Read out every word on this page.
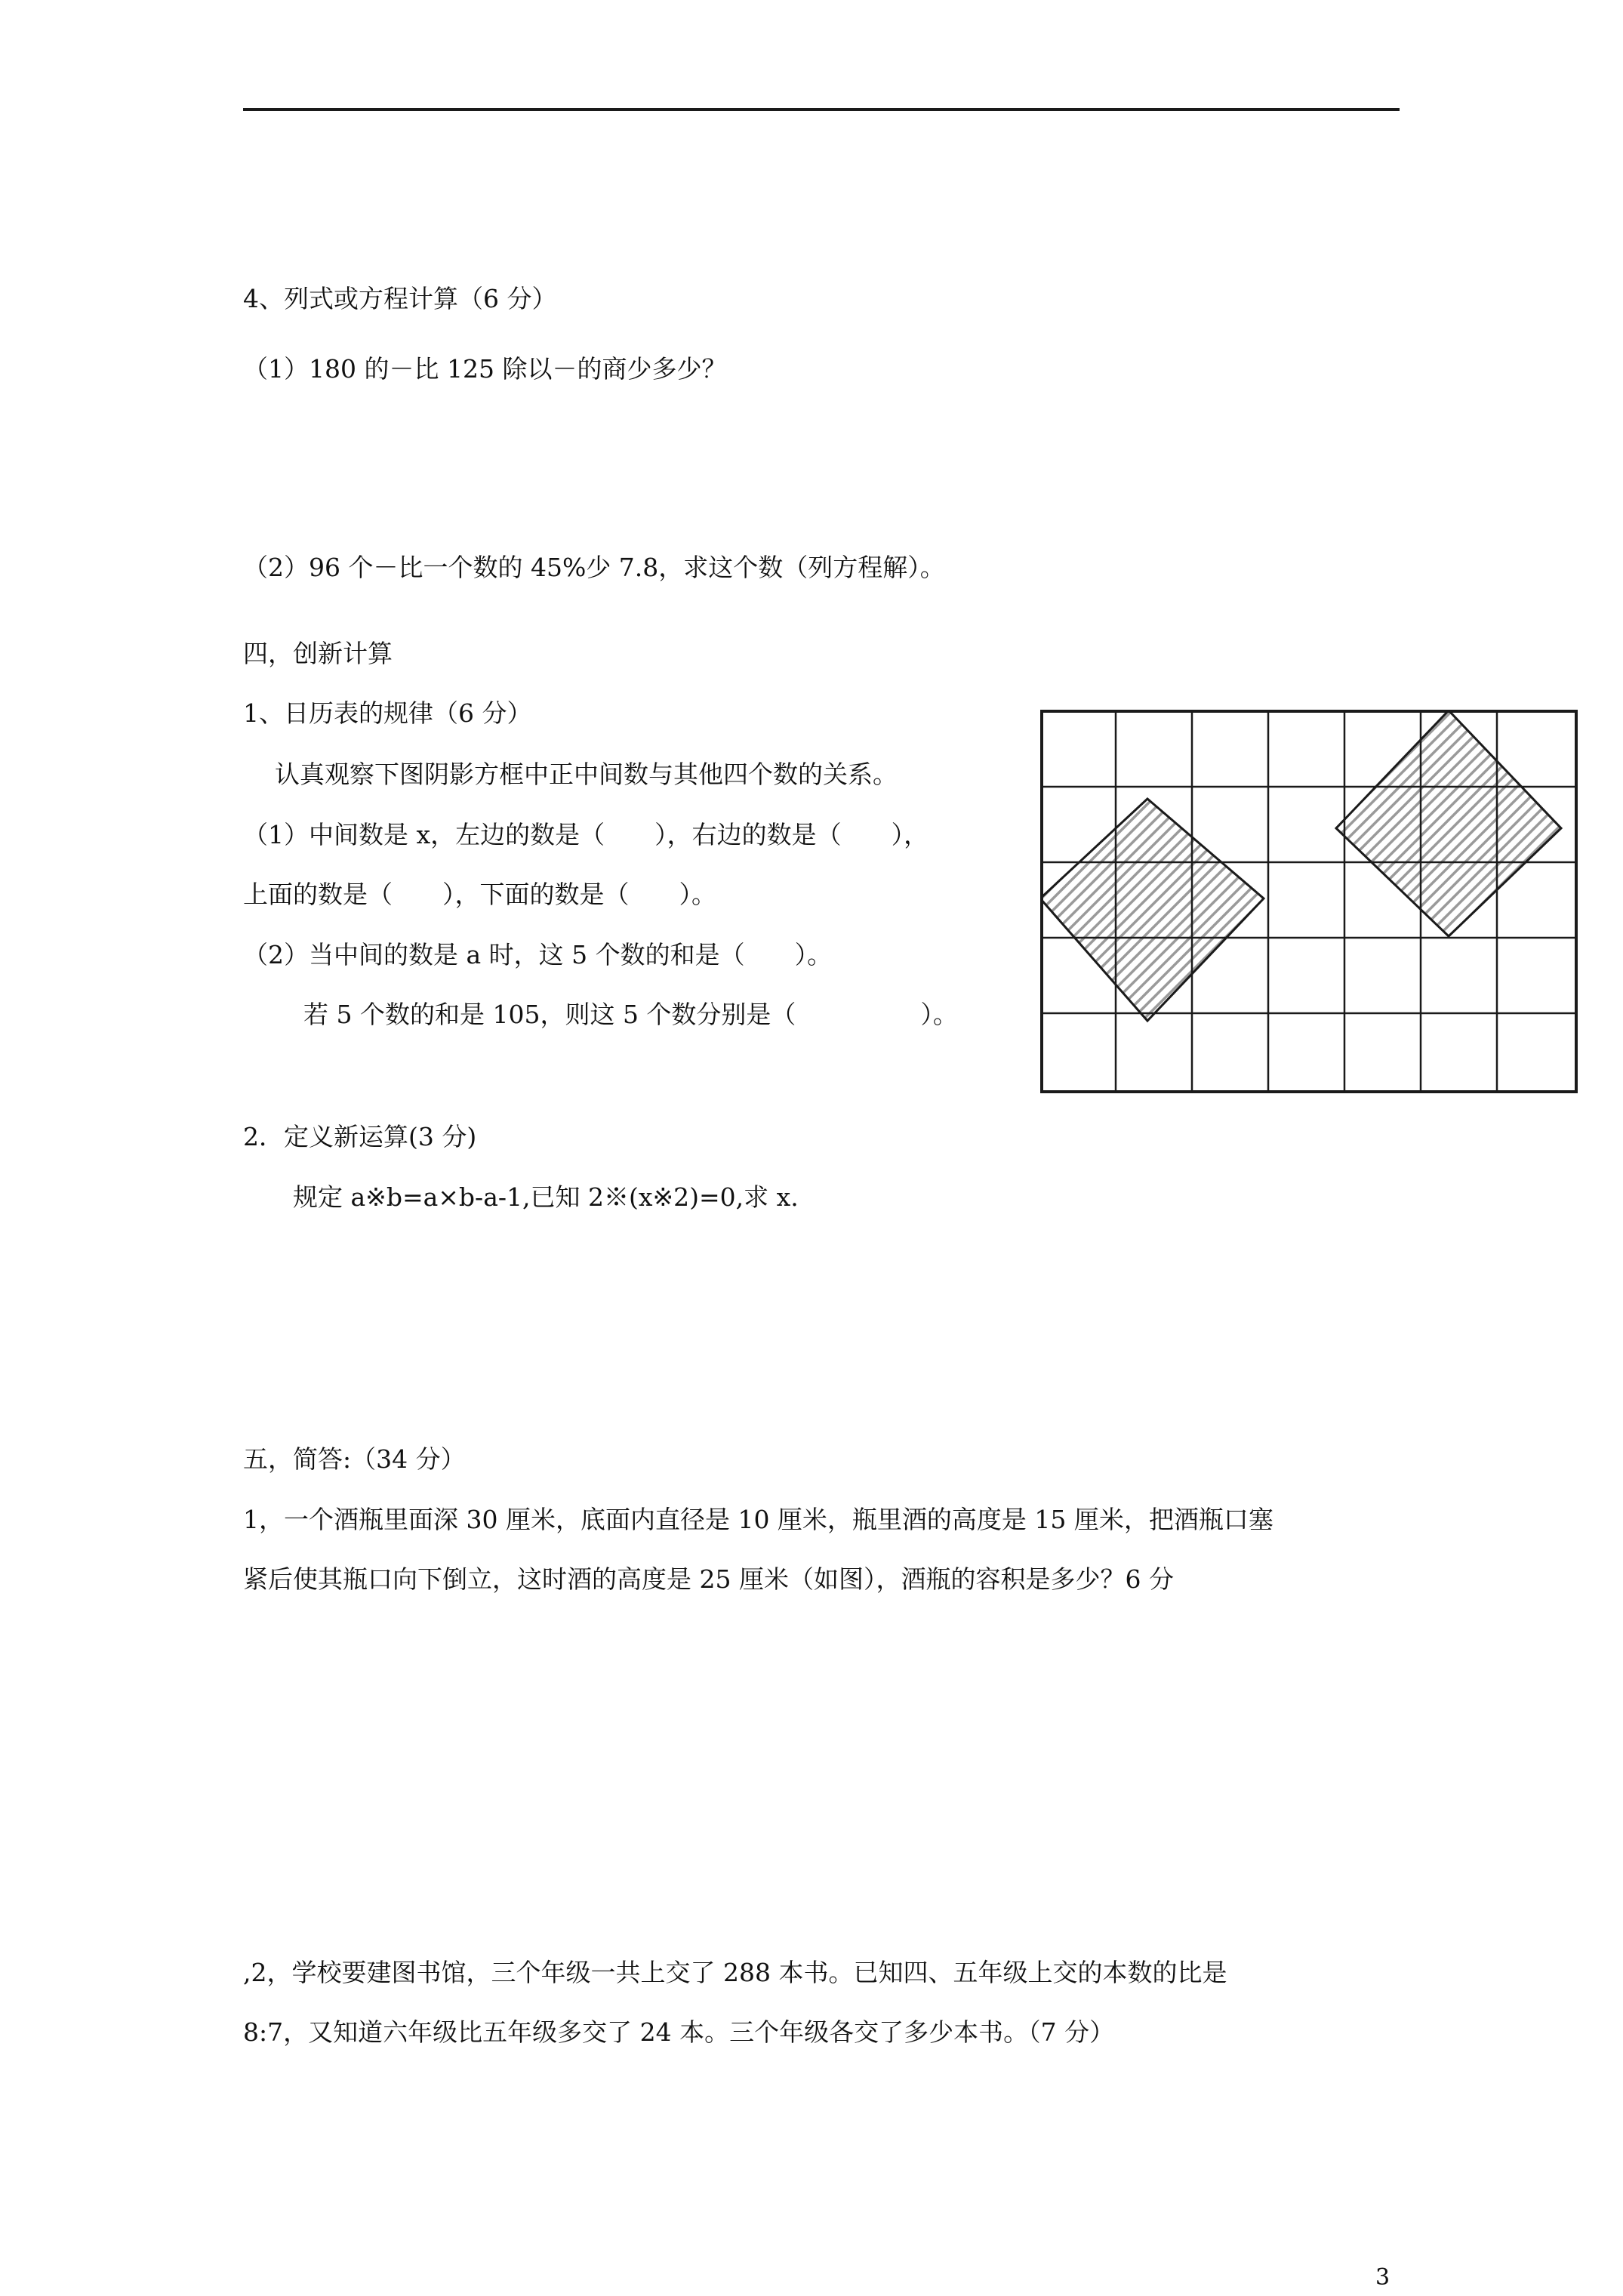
4、列式或方程计算（6 分）
（1）180 的－比 125 除以－的商少多少？
（2）96 个－比一个数的 45%少 7.8，求这个数（列方程解）。
四，创新计算
1、日历表的规律（6 分）
认真观察下图阴影方框中正中间数与其他四个数的关系。
（1）中间数是 x，左边的数是（　　），右边的数是（　　），
上面的数是（　　），下面的数是（　　）。
（2）当中间的数是 a 时，这 5 个数的和是（　　）。
若 5 个数的和是 105，则这 5 个数分别是（　　　　　）。
2．定义新运算(3 分)
规定 a※b=a×b-a-1,已知 2※(x※2)=0,求 x.
五，简答:（34 分）
1，一个酒瓶里面深 30 厘米，底面内直径是 10 厘米，瓶里酒的高度是 15 厘米，把酒瓶口塞
紧后使其瓶口向下倒立，这时酒的高度是 25 厘米（如图），酒瓶的容积是多少？6 分
,2，学校要建图书馆，三个年级一共上交了 288 本书。已知四、五年级上交的本数的比是
8:7，又知道六年级比五年级多交了 24 本。三个年级各交了多少本书。（7 分）
3
